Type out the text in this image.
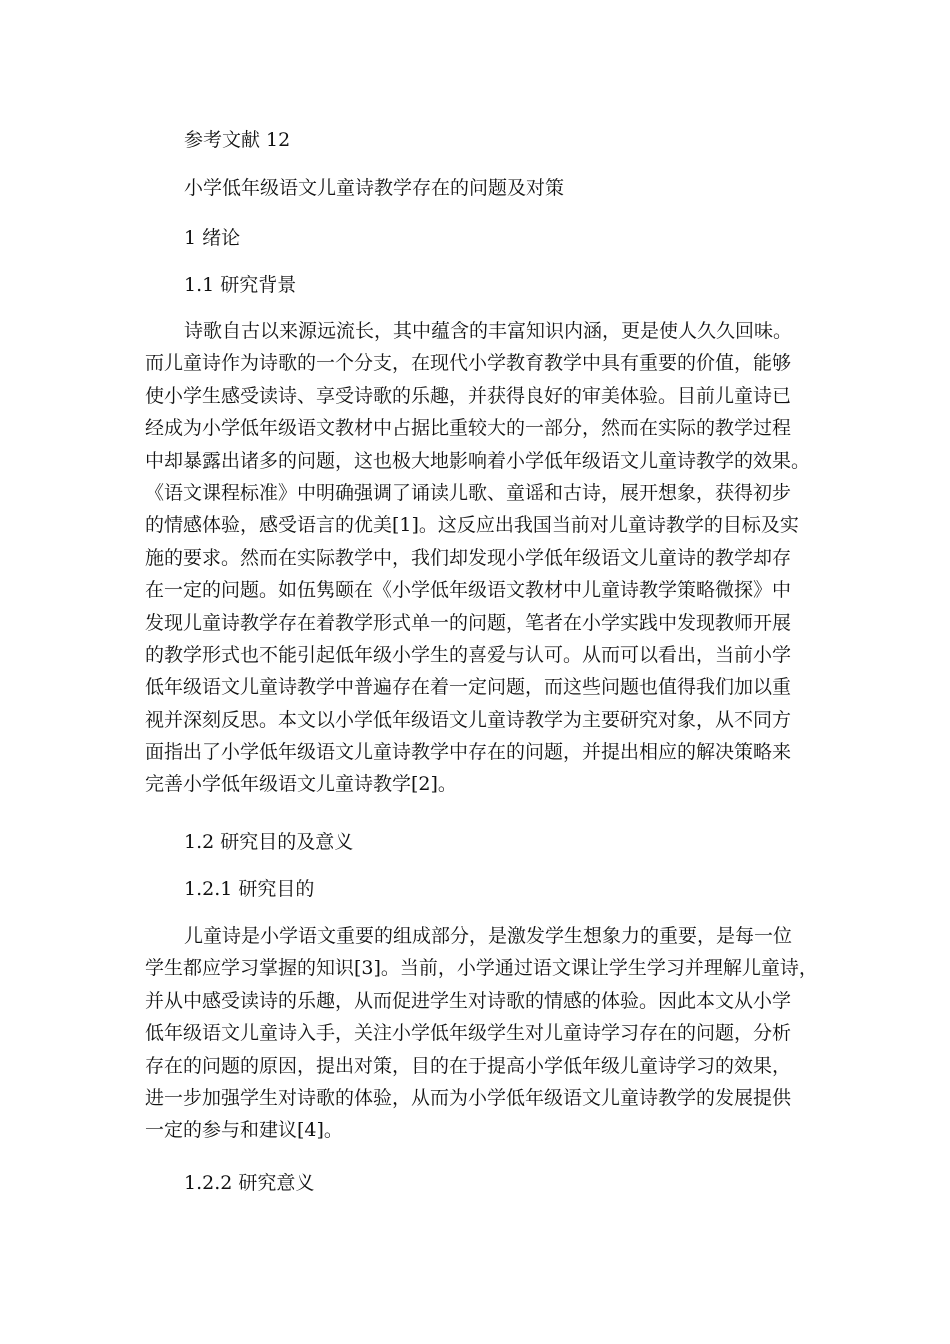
参考文献 12
小学低年级语文儿童诗教学存在的问题及对策
1 绪论
1.1 研究背景
诗歌自古以来源远流长，其中蕴含的丰富知识内涵，更是使人久久回味。
而儿童诗作为诗歌的一个分支，在现代小学教育教学中具有重要的价值，能够
使小学生感受读诗、享受诗歌的乐趣，并获得良好的审美体验。目前儿童诗已
经成为小学低年级语文教材中占据比重较大的一部分，然而在实际的教学过程
中却暴露出诸多的问题，这也极大地影响着小学低年级语文儿童诗教学的效果。
《语文课程标准》中明确强调了诵读儿歌、童谣和古诗，展开想象，获得初步
的情感体验，感受语言的优美[1]。这反应出我国当前对儿童诗教学的目标及实
施的要求。然而在实际教学中，我们却发现小学低年级语文儿童诗的教学却存
在一定的问题。如伍隽颐在《小学低年级语文教材中儿童诗教学策略微探》中
发现儿童诗教学存在着教学形式单一的问题，笔者在小学实践中发现教师开展
的教学形式也不能引起低年级小学生的喜爱与认可。从而可以看出，当前小学
低年级语文儿童诗教学中普遍存在着一定问题，而这些问题也值得我们加以重
视并深刻反思。本文以小学低年级语文儿童诗教学为主要研究对象，从不同方
面指出了小学低年级语文儿童诗教学中存在的问题，并提出相应的解决策略来
完善小学低年级语文儿童诗教学[2]。
1.2 研究目的及意义
1.2.1 研究目的
儿童诗是小学语文重要的组成部分，是激发学生想象力的重要，是每一位
学生都应学习掌握的知识[3]。当前，小学通过语文课让学生学习并理解儿童诗，
并从中感受读诗的乐趣，从而促进学生对诗歌的情感的体验。因此本文从小学
低年级语文儿童诗入手，关注小学低年级学生对儿童诗学习存在的问题，分析
存在的问题的原因，提出对策，目的在于提高小学低年级儿童诗学习的效果，
进一步加强学生对诗歌的体验，从而为小学低年级语文儿童诗教学的发展提供
一定的参与和建议[4]。
1.2.2 研究意义
